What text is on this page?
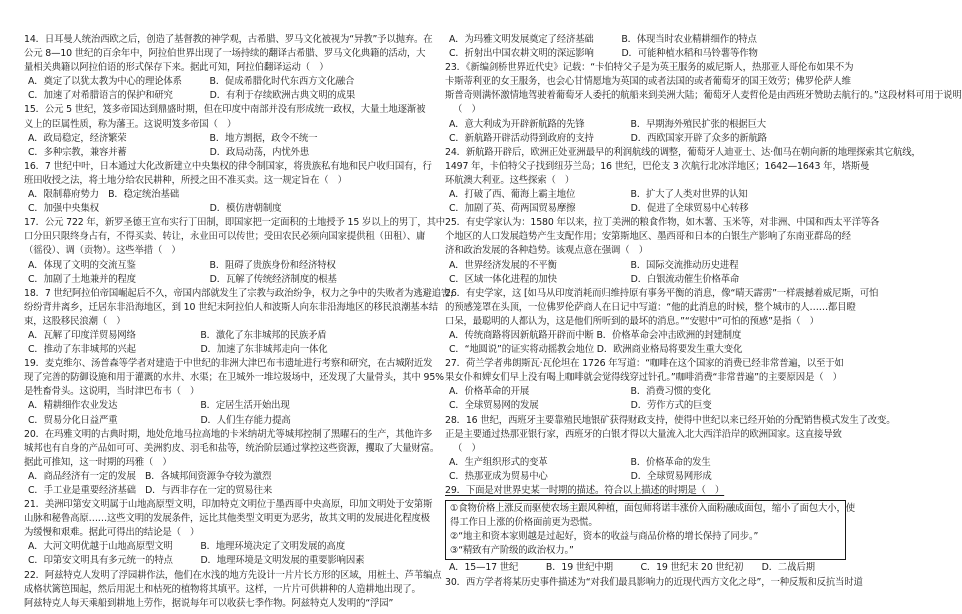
14．日耳曼人统治西欧之后，创造了基督教的神学观，古希腊、罗马文化被视为“异教”予以抛弃。在
公元 8—10 世纪的百余年中，阿拉伯世界出现了一场持续的翻译古希腊、罗马文化典籍的活动，大
量相关典籍以阿拉伯语的形式保存下来。据此可知，阿拉伯翻译运动（　）
A．奠定了以犹太教为中心的理论体系　　　B．促成希腊化时代东西方文化融合
C．加速了对希腊语言的保护和研究　　　　D．有利于存续欧洲古典文明的成果
15．公元 5 世纪，笈多帝国达到鼎盛时期，但在印度中南部并没有形成统一政权，大量土地逐渐被
义上的臣属性质，称为藩王。这说明笈多帝国（　）
A．政局稳定，经济繁荣　　　　　　　　　B．地方割据，政令不统一
C．多种宗教，兼容并蓄　　　　　　　　　D．政局动荡，内忧外患
16．7 世纪中叶，日本通过大化改新建立中央集权的律令制国家，将贵族私有地和民户收归国有，行
班田收授之法，将土地分给农民耕种，所授之田不准买卖。这一规定旨在（　）
A．限制幕府势力　B．稳定统治基础
C．加强中央集权　　　　　　　　　　　　D．模仿唐朝制度
17．公元 722 年，新罗圣德王宣布实行丁田制，即国家把一定面积的土地授予 15 岁以上的男丁，其中
口分田只限终身占有，不得买卖、转让，永业田可以传世；受田农民必须向国家提供租（田租）、庸
（徭役）、调（贡物）。这些举措（　）
A．体现了文明的交流互鉴　　　　　　　　B．阻碍了贵族身份和经济特权
C．加剧了土地兼并的程度　　　　　　　　D．瓦解了传统经济制度的根基
18．7 世纪阿拉伯帝国崛起后不久，帝国内部就发生了宗教与政治纷争，权力之争中的失败者为逃避追害，
纷纷背井离乡，迁居东非沿海地区，到 10 世纪末阿拉伯人和波斯人向东非沿海地区的移民浪潮基本结
束，这股移民浪潮（　）
A．瓦解了印度洋贸易网络　　　　　　　B．激化了东非城邦的民族矛盾
C．推动了东非城邦的兴起　　　　　　　D．加速了东非城邦走向一体化
19．麦克维尔、汤普森等学者对建造于中世纪的非洲大津巴布韦遗址进行考察和研究，在古城附近发
现了完善的防御设施和用于灌溉的水井、水渠；在卫城外一堆垃圾场中，还发现了大量骨头，其中 95%
是牲畜骨头。这说明，当时津巴布韦（　）
A．精耕细作农业发达　　　　　　　　　B．定居生活开始出现
C．贸易分化日益严重　　　　　　　　　D．人们生存能力提高
20．在玛雅文明的古典时期，地处危地马拉高地的卡米纳胡尤等城邦控制了黑曜石的生产，其他许多
城邦也有自身的产品如可可、美洲豹皮、羽毛和盐等，统治阶层通过掌控这些资源，攫取了大量财富。
据此可推知，这一时期的玛雅（　）
A．商品经济有一定的发展　B．各城邦间资源争夺较为激烈
C．手工业是重要经济基础　D．与西非存在一定的贸易往来
21．美洲印第安文明属于山地高原型文明，印加特克文明位于墨西哥中央高原，印加文明处于安第斯
山脉和秘鲁高原……这些文明的发展条件，远比其他类型文明更为恶劣，故其文明的发展进化程度极
为缓慢和艰难。据此可得出的结论是（　）
A．大河文明优越于山地高原型文明　　　B．地理环境决定了文明发展的高度
C．印第安文明具有多元统一的特点　　　D．地理环境是文明发展的重要影响因素
22．阿兹特克人发明了浮园耕作法，他们在水浅的地方先设计一片片长方形的区域，用桩土、芦苇编点
成格状篱笆围起，然后用泥土和枯死的植物将其填平。这样，一片片可供耕种的人造耕地出现了。
阿兹特克人每天乘船到耕地上劳作，据说每年可以收获七季作物。阿兹特克人发明的“浮园”
A．为玛雅文明发展奠定了经济基础　　　B．体现当时农业精耕细作的特点
C．折射出中国农耕文明的深远影响　　　D．可能种植水稻和马铃薯等作物
23．《新编剑桥世界近代史》记载：“卡伯特父子是为英王服务的威尼斯人，热那亚人哥伦布如果不为
卡斯蒂利亚的女王服务，也会心甘情愿地为英国的或者法国的或者葡萄牙的国王效劳；佛罗伦萨人维
斯普奇则满怀激情地驾驶着葡萄牙人委托的航船来到美洲大陆；葡萄牙人麦哲伦是由西班牙赞助去航行的。”这段材料可用于说明
（　）
A．意大利成为开辟新航路的先锋　　　　　B．早期海外殖民扩张的根据巨大
C．新航路开辟活动得到政府的支持　　　　D．西欧国家开辟了众多的新航路
24．新航路开辟后，欧洲正处亚洲最早的利润航线的调整，葡萄牙人迪亚士、达·伽马在朝向新的地理探索其它航线，
1497 年，卡伯特父子找到纽芬兰岛；16 世纪，巴伦支 3 次航行北冰洋地区；1642—1643 年，塔斯曼
环航澳大利亚。这些探索（　）
A．打破了西、葡海上霸主地位　　　　　　B．扩大了人类对世界的认知
C．加剧了英、荷两国贸易摩擦　　　　　　D．促进了全球贸易中心转移
25．有史学家认为：1580 年以来，拉丁美洲的粮食作物，如木薯、玉米等，对非洲、中国和西太平洋等各
个地区的人口发展趋势产生支配作用；安第斯地区、墨西哥和日本的白银生产影响了东南亚群岛的经
济和政治发展的各种趋势。该观点意在强调（　）
A．世界经济发展的不平衡　　　　　　　　B．国际交流推动历史进程
C．区域一体化进程的加快　　　　　　　　D．白银流动催生价格革命
26．有史学家，这 [如马从印度消耗而归维持原有事务平衡的消息，像“晴天霹雳”一样震撼着威尼斯，可怕
的预感笼罩在头顶，一位佛罗伦萨商人在日记中写道：“他的此消息的时候，整个城市的人……都目瞪
口呆，最聪明的人都认为，这是他们所听到的最坏的消息。”“安慰中”可怕的预感”是指（　）
A．传统商路将因新航路开辟而中断 B．价格革命会冲击欧洲的封建制度
C．“地圆说”的证实将动摇教会地位 D．欧洲商业格局将要发生重大变化
27．荷兰学者弗朗斯瓦·瓦伦坦在 1726 年写道：“咖啡在这个国家的消费已经非常普遍，以至于如
果女仆和婢女们早上没有喝上咖啡就会觉得线穿过针孔。”咖啡消费“非常普遍”的主要原因是（　）
A．价格革命的开展　　　　　　　　　　　B．消费习惯的变化
C．全球贸易网的发展　　　　　　　　　　D．劳作方式的巨变
28．16 世纪，西班牙主要靠殖民地银矿获得财政支持，使得中世纪以来已经开始的分配销售模式发生了改变。
正是主要通过热那亚银行家，西班牙的白银才得以大量流入北大西洋沿岸的欧洲国家。这直接导致
（　）
A．生产组织形式的变革　　　　　　　　　B．价格革命的发生
C．热那亚成为贸易中心　　　　　　　　　D．全球贸易网形成
29．下面是对世界史某一时期的描述。符合以上描述的时期是（　）
①食物价格上涨反而驱使农场主跟风种植，面包师将诺丰涨价入面粉融成面包，缩小了面包大小，使
得工作日上涨的价格面前更为恐慌。
②“地主和资本家则越是过起好，资本的收益与商品价格的增长保持了同步。”
③“精致有产阶级的政治权力。”
A．15—17 世纪　　　B．19 世纪中期　　　C．19 世纪末 20 世纪初　　D．二战后期
30．西方学者将某历史事件描述为“对我们最具影响力的近现代西方文化之母”，一种反叛和反抗当时道
